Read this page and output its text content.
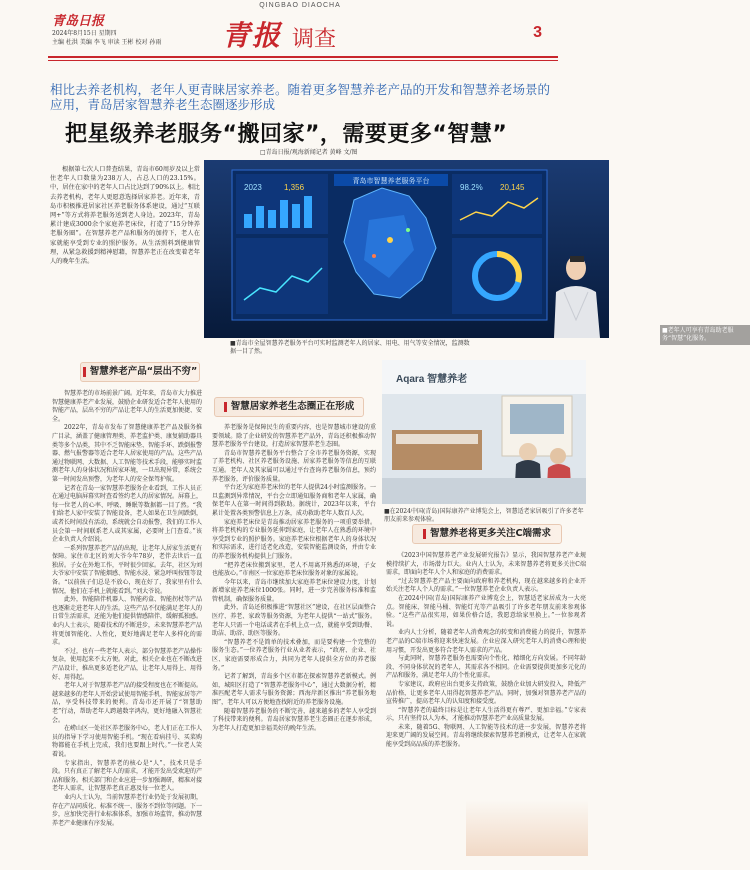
QINGBAO DIAOCHA
青岛日报
2024年8月15日 星期四
主编 杜洪 美编 李飞 审读 王彬 校对 孙雨 青报 调查	3
相比去养老机构，老年人更青睐居家养老。随着更多智慧养老产品的开发和智慧养老场景的应用，青岛居家智慧养老生态圈逐步形成
把星级养老服务“搬回家”，需要更多“智慧”
□青岛日报/观海新闻记者 黄峰 文/图
根据第七次人口普查结果，青岛市60周岁及以上常住老年人口数量为238万人，占总人口的23.15%。中，居住在家中的老年人口占比达到了90%以上。相比去养老机构，老年人更愿意选择居家养老。近年来，青岛市积极推进居家社区养老服务体系建设，通过“互联网+”等方式将养老服务送到老人身边。2023年，青岛累计建成3000余个家庭养老床位，打造了“15分钟养老服务圈”。在智慧养老产品和服务的加持下，老人在家就能享受到专业的照护服务。从生活照料到健康管理，从紧急救援到精神慰藉，智慧养老正在改变着老年人的晚年生活。
青岛市智慧养老服务平台
2023	1,356	98.2% 20,145
■老年人可享有青岛助老服务“智慧”化服务。
■青岛市全屋智慧养老服务平台可实时监测老年人的居家、用电、用气等安全情况，监测数据一目了然。
Aqara 智慧养老
■在2024中国(青岛)国际康养产业博览会上，智慧适老家居吸引了许多老年朋友前来参观体验。
智慧养老产品“层出不穷”
智慧居家养老生态圈正在形成
智慧养老将更多关注C端需求

智慧养老的市场前景广阔。近年来，青岛市大力推进智慧健康养老产业发展，鼓励企业研发适合老年人使用的智能产品，层出不穷的产品让老年人的生活更加便捷、安全。

2022年，青岛市发布了智慧健康养老产品及服务推广目录，涵盖了健康管理类、养老监护类、康复辅助器具类等多个品类，其中不乏智能床垫、智能手环、跌倒报警器、燃气报警器等适合老年人居家使用的产品。这些产品通过物联网、大数据、人工智能等技术手段，能够实时监测老年人的身体状况和居家环境，一旦出现异常，系统会第一时间发出预警，为老年人的安全保驾护航。

记者在青岛一家智慧养老服务企业看到，工作人员正在通过电脑屏幕实时查看签约老人的居家情况。屏幕上，每一位老人的心率、呼吸、睡眠等数据都一目了然。“我们给老人家中安装了智能设备，老人如果在卫生间跌倒，或者长时间没有活动，系统就会自动报警，我们的工作人员会第一时间联系老人或其家属，必要时上门查看。”该企业负责人介绍说。

一系列智慧养老产品的出现，让老年人居家生活更有保障。家住市北区的刘大爷今年78岁，老伴去世后一直独居。子女在外地工作，平时很少回家。去年，社区为刘大爷家中安装了智能烟感、智能水浸、紧急呼叫按钮等设备。“以前孩子们总是不放心，现在好了，我家里有什么情况，他们在手机上就能看到。”刘大爷说。

此外，智能陪伴机器人、智能药盒、智能拐杖等产品也逐渐走进老年人的生活。这些产品不仅能满足老年人的日常生活需求，还能为他们提供情感陪伴，缓解孤独感。业内人士表示，随着技术的不断进步，未来智慧养老产品将更加智能化、人性化，更好地满足老年人多样化的需求。

不过，也有一些老年人表示，部分智慧养老产品操作复杂，使用起来不太方便。对此，相关企业也在不断改进产品设计，推出更多适老化产品，让老年人用得上、用得好、用得起。

老年人对于智慧养老产品的接受程度也在不断提高。越来越多的老年人开始尝试使用智能手机、智能家居等产品，享受科技带来的便利。青岛市还开展了“智慧助老”行动，帮助老年人跨越数字鸿沟，更好地融入智慧社会。

在崂山区一处社区养老服务中心，老人们正在工作人员的指导下学习使用智能手机。“现在看病挂号、买菜购物都能在手机上完成，我们也要跟上时代。”一位老人笑着说。

专家指出，智慧养老的核心是“人”，技术只是手段。只有真正了解老年人的需求，才能开发出受欢迎的产品和服务。相关部门和企业应进一步加强调研，精准对接老年人需求，让智慧养老真正惠及每一位老人。

业内人士认为，当前智慧养老行业仍处于发展初期，存在产品同质化、标准不统一、服务不到位等问题。下一步，应加快完善行业标准体系，加强市场监管，推动智慧养老产业健康有序发展。

养老服务是保障民生的重要内容，也是智慧城市建设的重要领域。除了企业研发的智慧养老产品外，青岛还积极推动智慧养老服务平台建设，打造居家智慧养老生态圈。

青岛市智慧养老服务平台整合了全市养老服务资源，实现了养老机构、社区养老服务设施、居家养老服务等信息的互联互通。老年人及其家属可以通过平台查询养老服务信息，预约养老服务，评价服务质量。

平台还为家庭养老床位的老年人提供24小时监测服务。一旦监测到异常情况，平台会立即通知服务商和老年人家属，确保老年人在第一时间得到救助。据统计，2023年以来，平台累计处置各类预警信息上万条，成功救助老年人数百人次。

家庭养老床位是青岛推动居家养老服务的一项重要举措。将养老机构的专业服务延伸到家庭，让老年人在熟悉的环境中享受到专业的照护服务。家庭养老床位根据老年人的身体状况和实际需求，进行适老化改造，安装智能监测设备，并由专业的养老服务机构提供上门服务。

“把养老床位搬到家里，老人不用离开熟悉的环境，子女也能放心。”市南区一位家庭养老床位服务对象的家属说。

今年以来，青岛市继续加大家庭养老床位建设力度，计划新增家庭养老床位1000张。同时，进一步完善服务标准和监管机制，确保服务质量。

此外，青岛还积极推进“智慧社区”建设，在社区层面整合医疗、养老、家政等服务资源，为老年人提供“一站式”服务。老年人只需一个电话或者在手机上点一点，就能享受到助餐、助洁、助浴、助医等服务。

“智慧养老不是简单的技术叠加，而是要构建一个完整的服务生态。”一位养老服务行业从业者表示，“政府、企业、社区、家庭需要形成合力，共同为老年人提供全方位的养老服务。”

记者了解到，青岛多个区市都在探索智慧养老新模式。例如，城阳区打造了“智慧养老服务中心”，通过大数据分析，精准匹配老年人需求与服务资源；西海岸新区推出“养老服务地图”，老年人可以方便地查找附近的养老服务设施。

随着智慧养老服务的不断完善，越来越多的老年人享受到了科技带来的便利。青岛居家智慧养老生态圈正在逐步形成，为老年人打造更加幸福美好的晚年生活。

《2023中国智慧养老产业发展研究报告》显示，我国智慧养老产业规模持续扩大，市场潜力巨大。业内人士认为，未来智慧养老将更多关注C端需求，即面向老年人个人和家庭的消费需求。

“过去智慧养老产品主要面向政府和养老机构，现在越来越多的企业开始关注老年人个人的需求。”一位智慧养老企业负责人表示。

在2024中国(青岛)国际康养产业博览会上，智慧适老家居成为一大亮点。智能床、智能马桶、智能灯光等产品吸引了许多老年朋友前来参观体验。“这些产品很实用，如果价格合适，我愿意给家里换上。”一位参观者说。

业内人士分析，随着老年人消费观念的转变和消费能力的提升，智慧养老产品的C端市场将迎来快速发展。企业应深入研究老年人的消费心理和使用习惯，开发出更多符合老年人需求的产品。

与此同时，智慧养老服务也需要向个性化、精细化方向发展。不同年龄段、不同身体状况的老年人，其需求各不相同。企业需要提供更加多元化的产品和服务，满足老年人的个性化需求。

专家建议，政府应出台更多支持政策，鼓励企业加大研发投入，降低产品价格，让更多老年人用得起智慧养老产品。同时，加强对智慧养老产品的宣传推广，提高老年人的认知度和接受度。

“智慧养老的最终目标是让老年人生活得更有尊严、更加幸福。”专家表示，只有坚持以人为本，才能推动智慧养老产业高质量发展。

未来，随着5G、物联网、人工智能等技术的进一步发展，智慧养老将迎来更广阔的发展空间。青岛将继续探索智慧养老新模式，让老年人在家就能享受到高品质的养老服务。
